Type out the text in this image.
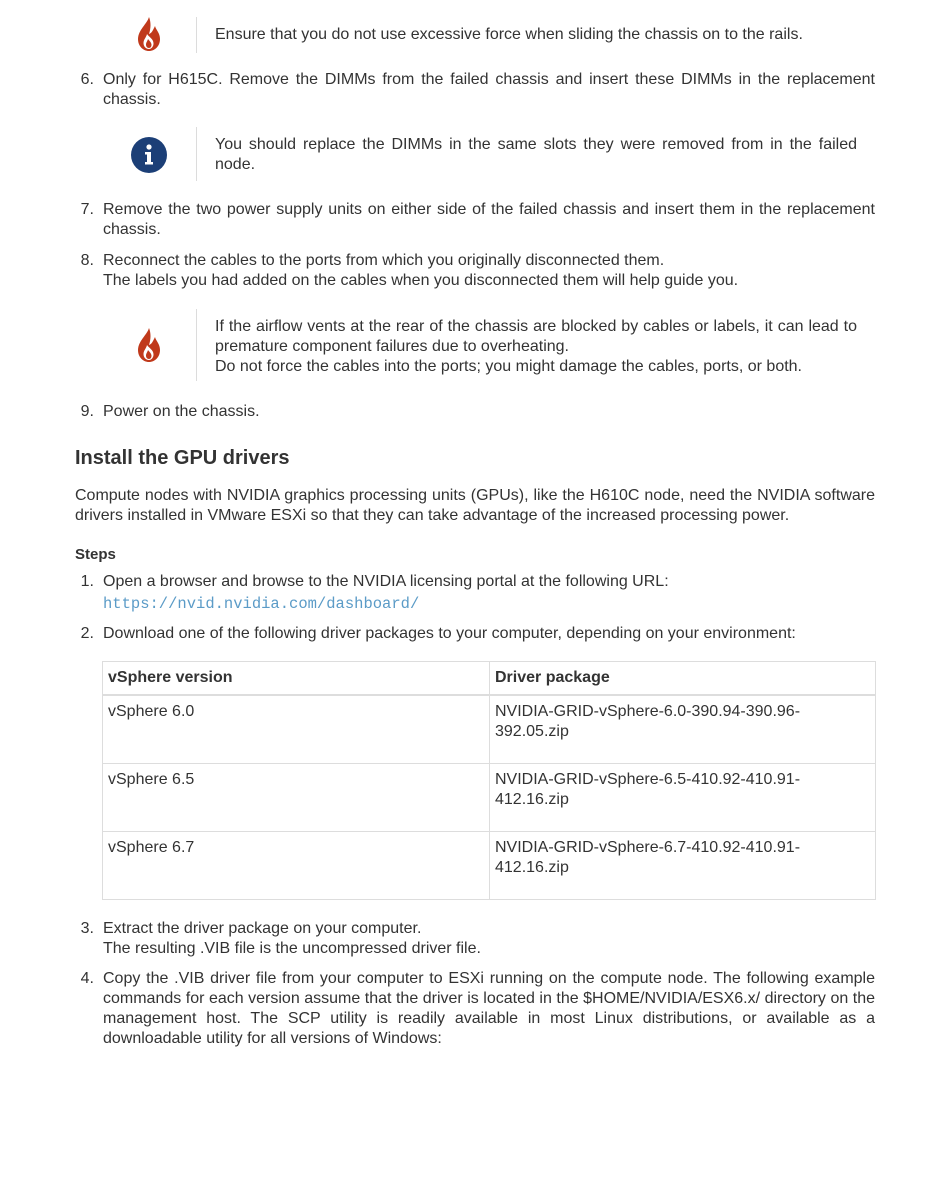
Ensure that you do not use excessive force when sliding the chassis on to the rails.
6. Only for H615C. Remove the DIMMs from the failed chassis and insert these DIMMs in the replacement chassis.
You should replace the DIMMs in the same slots they were removed from in the failed node.
7. Remove the two power supply units on either side of the failed chassis and insert them in the replacement chassis.
8. Reconnect the cables to the ports from which you originally disconnected them.
The labels you had added on the cables when you disconnected them will help guide you.
If the airflow vents at the rear of the chassis are blocked by cables or labels, it can lead to premature component failures due to overheating.
Do not force the cables into the ports; you might damage the cables, ports, or both.
9. Power on the chassis.
Install the GPU drivers
Compute nodes with NVIDIA graphics processing units (GPUs), like the H610C node, need the NVIDIA software drivers installed in VMware ESXi so that they can take advantage of the increased processing power.
Steps
1. Open a browser and browse to the NVIDIA licensing portal at the following URL:
https://nvid.nvidia.com/dashboard/
2. Download one of the following driver packages to your computer, depending on your environment:
vSphere version	Driver package
vSphere 6.0	NVIDIA-GRID-vSphere-6.0-390.94-390.96-392.05.zip
vSphere 6.5	NVIDIA-GRID-vSphere-6.5-410.92-410.91-412.16.zip
vSphere 6.7	NVIDIA-GRID-vSphere-6.7-410.92-410.91-412.16.zip
3. Extract the driver package on your computer.
The resulting .VIB file is the uncompressed driver file.
4. Copy the .VIB driver file from your computer to ESXi running on the compute node. The following example commands for each version assume that the driver is located in the $HOME/NVIDIA/ESX6.x/ directory on the management host. The SCP utility is readily available in most Linux distributions, or available as a downloadable utility for all versions of Windows:
